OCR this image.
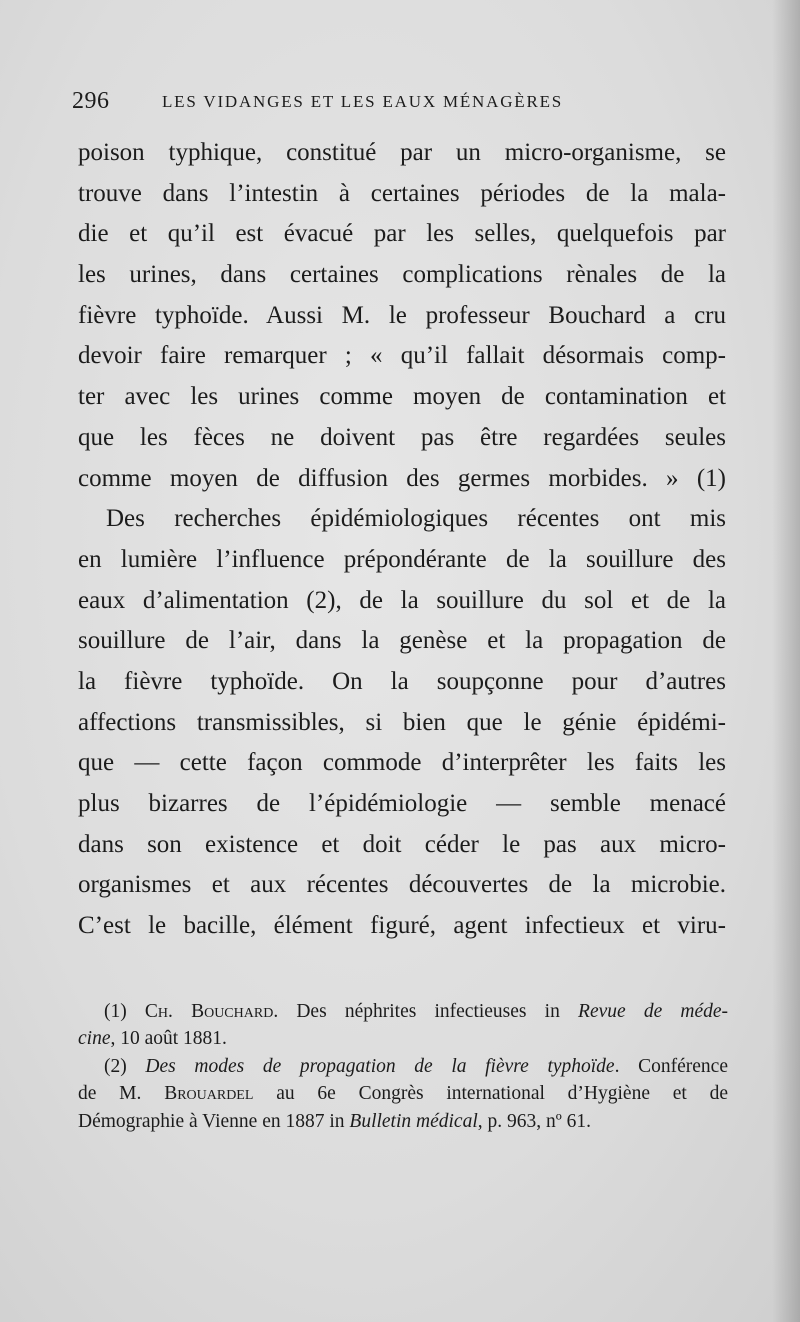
296	LES VIDANGES ET LES EAUX MÉNAGÈRES
poison typhique, constitué par un micro-organisme, se
trouve dans l’intestin à certaines périodes de la mala-
die et qu’il est évacué par les selles, quelquefois par
les urines, dans certaines complications rènales de la
fièvre typhoïde. Aussi M. le professeur Bouchard a cru
devoir faire remarquer ; « qu’il fallait désormais comp-
ter avec les urines comme moyen de contamination et
que les fèces ne doivent pas être regardées seules
comme moyen de diffusion des germes morbides. » (1)
Des recherches épidémiologiques récentes ont mis
en lumière l’influence prépondérante de la souillure des
eaux d’alimentation (2), de la souillure du sol et de la
souillure de l’air, dans la genèse et la propagation de
la fièvre typhoïde. On la soupçonne pour d’autres
affections transmissibles, si bien que le génie épidémi-
que — cette façon commode d’interprêter les faits les
plus bizarres de l’épidémiologie — semble menacé
dans son existence et doit céder le pas aux micro-
organismes et aux récentes découvertes de la microbie.
C’est le bacille, élément figuré, agent infectieux et viru-
(1) Ch. Bouchard. Des néphrites infectieuses in Revue de méde-
cine, 10 août 1881.
(2) Des modes de propagation de la fièvre typhoïde. Conférence
de M. Brouardel au 6e Congrès international d’Hygiène et de
Démographie à Vienne en 1887 in Bulletin médical, p. 963, nº 61.
